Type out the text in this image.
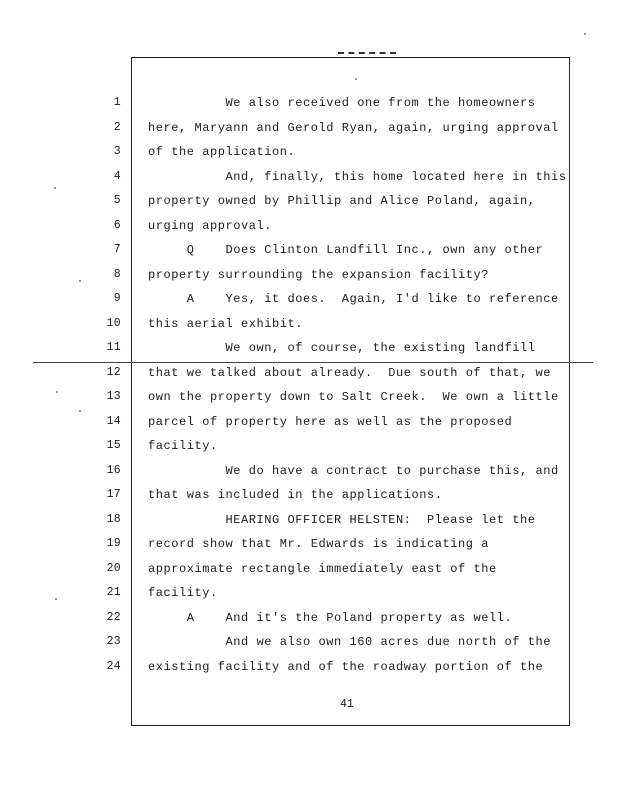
1 We also received one from the homeowners
2 here, Maryann and Gerold Ryan, again, urging approval
3 of the application.
4 And, finally, this home located here in this
5 property owned by Phillip and Alice Poland, again,
6 urging approval.
7 Q    Does Clinton Landfill Inc., own any other
8 property surrounding the expansion facility?
9 A    Yes, it does.  Again, I'd like to reference
10 this aerial exhibit.
11 We own, of course, the existing landfill
12 that we talked about already.  Due south of that, we
13 own the property down to Salt Creek.  We own a little
14 parcel of property here as well as the proposed
15 facility.
16 We do have a contract to purchase this, and
17 that was included in the applications.
18 HEARING OFFICER HELSTEN:  Please let the
19 record show that Mr. Edwards is indicating a
20 approximate rectangle immediately east of the
21 facility.
22 A    And it's the Poland property as well.
23 And we also own 160 acres due north of the
24 existing facility and of the roadway portion of the
41
